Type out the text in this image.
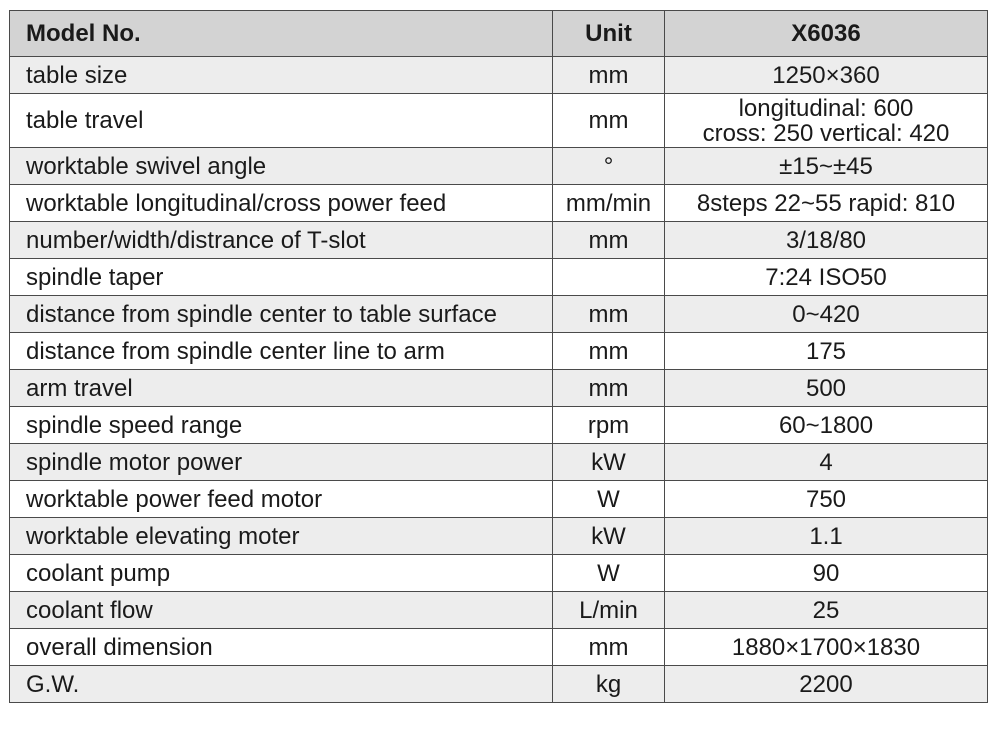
Model No.	Unit	X6036
table size	mm	1250×360
table travel	mm	longitudinal: 600
cross: 250 vertical: 420

worktable swivel angle	°	±15~±45
worktable longitudinal/cross power feed	mm/min	8steps 22~55 rapid: 810
number/width/distrance of T-slot	mm	3/18/80
spindle taper		7:24 ISO50
distance from spindle center to table surface	mm	0~420
distance from spindle center line to arm	mm	175
arm travel	mm	500
spindle speed range	rpm	60~1800
spindle motor power	kW	4
worktable power feed motor	W	750
worktable elevating moter	kW	1.1
coolant pump	W	90
coolant flow	L/min	25
overall dimension	mm	1880×1700×1830
G.W.	kg	2200
